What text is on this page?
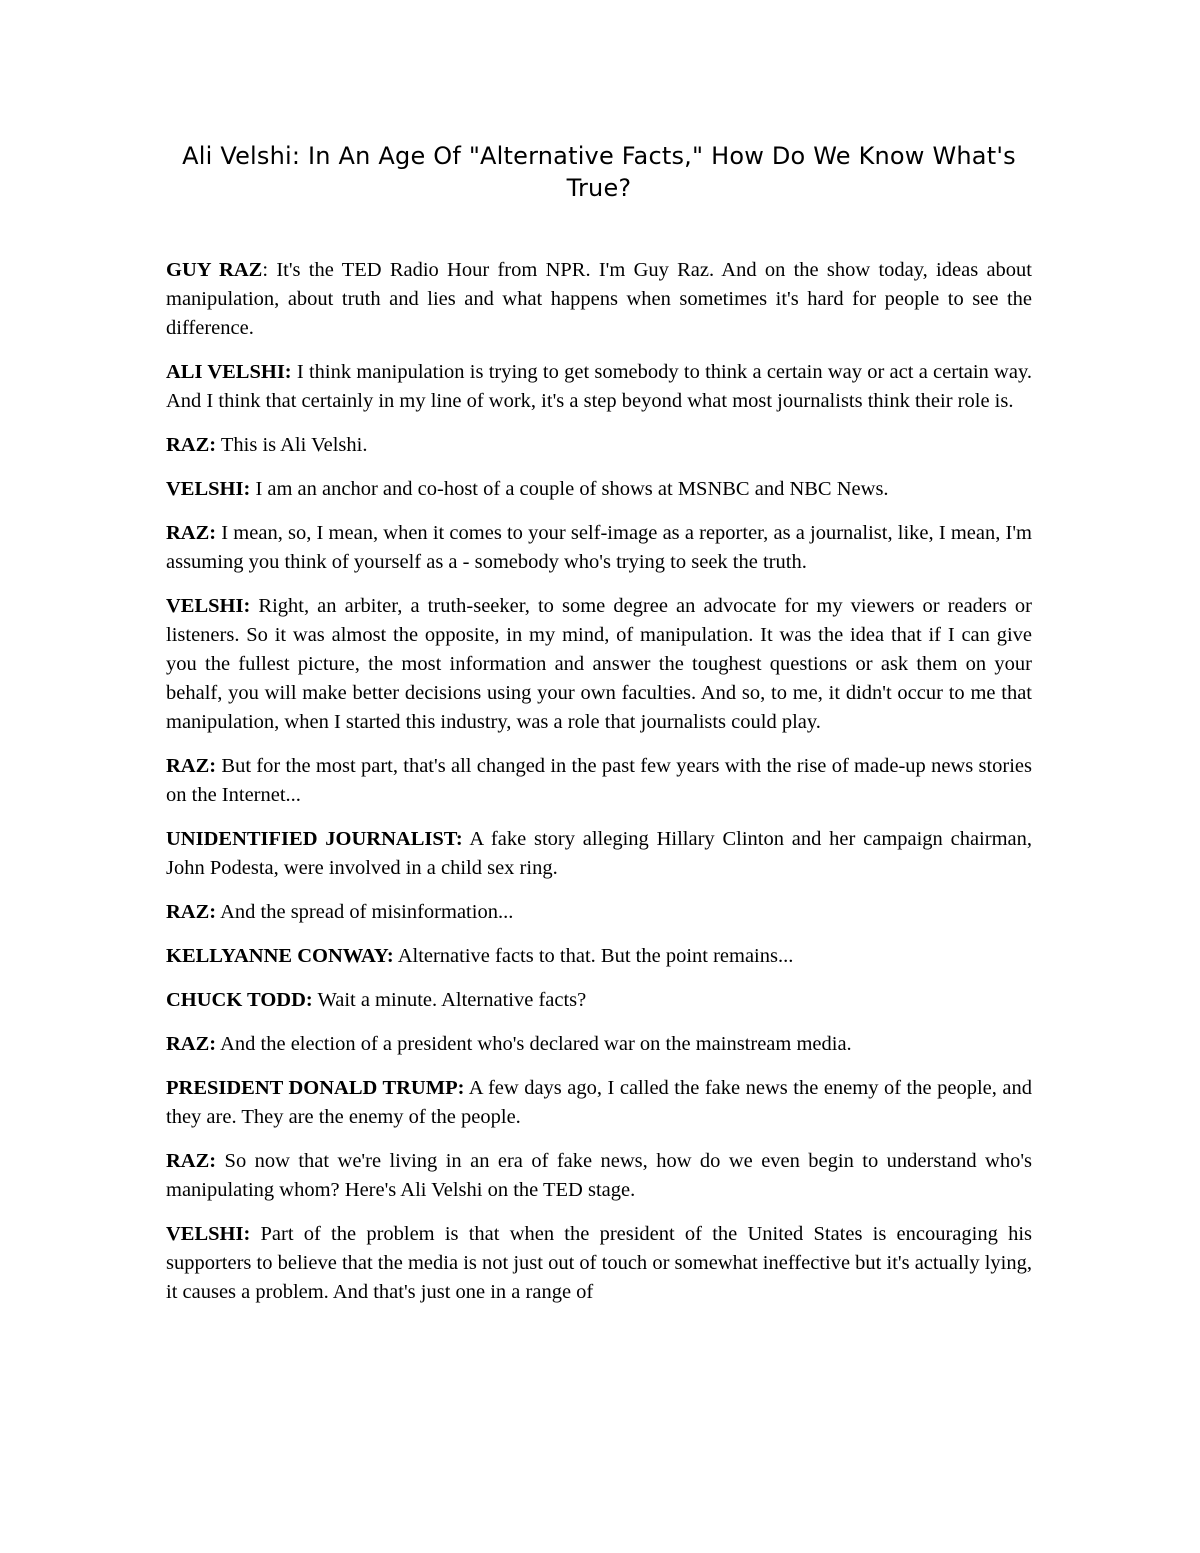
Ali Velshi: In An Age Of "Alternative Facts," How Do We Know What's True?

GUY RAZ: It's the TED Radio Hour from NPR. I'm Guy Raz. And on the show today, ideas about manipulation, about truth and lies and what happens when sometimes it's hard for people to see the difference.

ALI VELSHI: I think manipulation is trying to get somebody to think a certain way or act a certain way. And I think that certainly in my line of work, it's a step beyond what most journalists think their role is.

RAZ: This is Ali Velshi.

VELSHI: I am an anchor and co-host of a couple of shows at MSNBC and NBC News.

RAZ: I mean, so, I mean, when it comes to your self-image as a reporter, as a journalist, like, I mean, I'm assuming you think of yourself as a - somebody who's trying to seek the truth.

VELSHI: Right, an arbiter, a truth-seeker, to some degree an advocate for my viewers or readers or listeners. So it was almost the opposite, in my mind, of manipulation. It was the idea that if I can give you the fullest picture, the most information and answer the toughest questions or ask them on your behalf, you will make better decisions using your own faculties. And so, to me, it didn't occur to me that manipulation, when I started this industry, was a role that journalists could play.

RAZ: But for the most part, that's all changed in the past few years with the rise of made-up news stories on the Internet...

UNIDENTIFIED JOURNALIST: A fake story alleging Hillary Clinton and her campaign chairman, John Podesta, were involved in a child sex ring.

RAZ: And the spread of misinformation...

KELLYANNE CONWAY: Alternative facts to that. But the point remains...

CHUCK TODD: Wait a minute. Alternative facts?

RAZ: And the election of a president who's declared war on the mainstream media.

PRESIDENT DONALD TRUMP: A few days ago, I called the fake news the enemy of the people, and they are. They are the enemy of the people.

RAZ: So now that we're living in an era of fake news, how do we even begin to understand who's manipulating whom? Here's Ali Velshi on the TED stage.

VELSHI: Part of the problem is that when the president of the United States is encouraging his supporters to believe that the media is not just out of touch or somewhat ineffective but it's actually lying, it causes a problem. And that's just one in a range of
